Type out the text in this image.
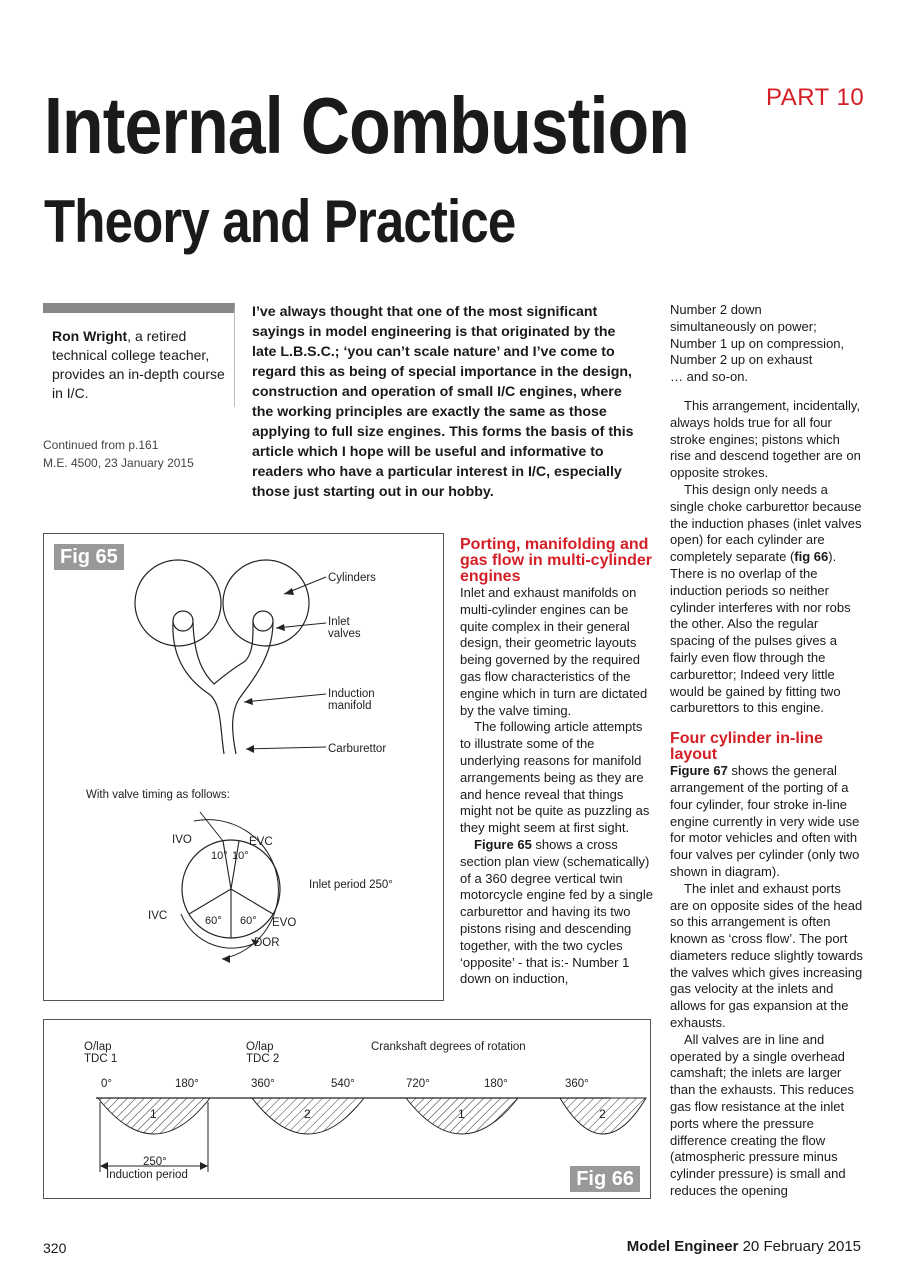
PART 10
Internal Combustion
Theory and Practice
Ron Wright, a retired technical college teacher, provides an in-depth course in I/C.
Continued from p.161
M.E. 4500, 23 January 2015
I’ve always thought that one of the most significant sayings in model engineering is that originated by the late L.B.S.C.; ‘you can’t scale nature’ and I’ve come to regard this as being of special importance in the design, construction and operation of small I/C engines, where the working principles are exactly the same as those applying to full size engines. This forms the basis of this article which I hope will be useful and informative to readers who have a particular interest in I/C, especially those just starting out in our hobby.
Fig 65
Cylinders
Inlet
valves
Induction
manifold
Carburettor
With valve timing as follows:
IVO	EVC
10° 10°
IVC	60° 60° EVO
DOR
Inlet period 250°
O/lap
TDC 1
O/lap
TDC 2
Crankshaft degrees of rotation
0°	180°	360°	540°	720°	180°	360°
1	2	1	2
250°
Induction period	Fig 66
Porting, manifolding and gas flow in multi-cylinder engines

Inlet and exhaust manifolds on multi-cylinder engines can be quite complex in their general design, their geometric layouts being governed by the required gas flow characteristics of the engine which in turn are dictated by the valve timing.

The following article attempts to illustrate some of the underlying reasons for manifold arrangements being as they are and hence reveal that things might not be quite as puzzling as they might seem at first sight.

Figure 65 shows a cross section plan view (schematically) of a 360 degree vertical twin motorcycle engine fed by a single carburettor and having its two pistons rising and descending together, with the two cycles ‘opposite’ - that is:- Number 1 down on induction,

Number 2 down
simultaneously on power;
Number 1 up on compression,
Number 2 up on exhaust
… and so-on.

This arrangement, incidentally, always holds true for all four stroke engines; pistons which rise and descend together are on opposite strokes.

This design only needs a single choke carburettor because the induction phases (inlet valves open) for each cylinder are completely separate (fig 66). There is no overlap of the induction periods so neither cylinder interferes with nor robs the other. Also the regular spacing of the pulses gives a fairly even flow through the carburettor; Indeed very little would be gained by fitting two carburettors to this engine.

Four cylinder in-line layout

Figure 67 shows the general arrangement of the porting of a four cylinder, four stroke in-line engine currently in very wide use for motor vehicles and often with four valves per cylinder (only two shown in diagram).

The inlet and exhaust ports are on opposite sides of the head so this arrangement is often known as ‘cross flow’. The port diameters reduce slightly towards the valves which gives increasing gas velocity at the inlets and allows for gas expansion at the exhausts.

All valves are in line and operated by a single overhead camshaft; the inlets are larger than the exhausts. This reduces gas flow resistance at the inlet ports where the pressure difference creating the flow (atmospheric pressure minus cylinder pressure) is small and reduces the opening

320	Model Engineer 20 February 2015
